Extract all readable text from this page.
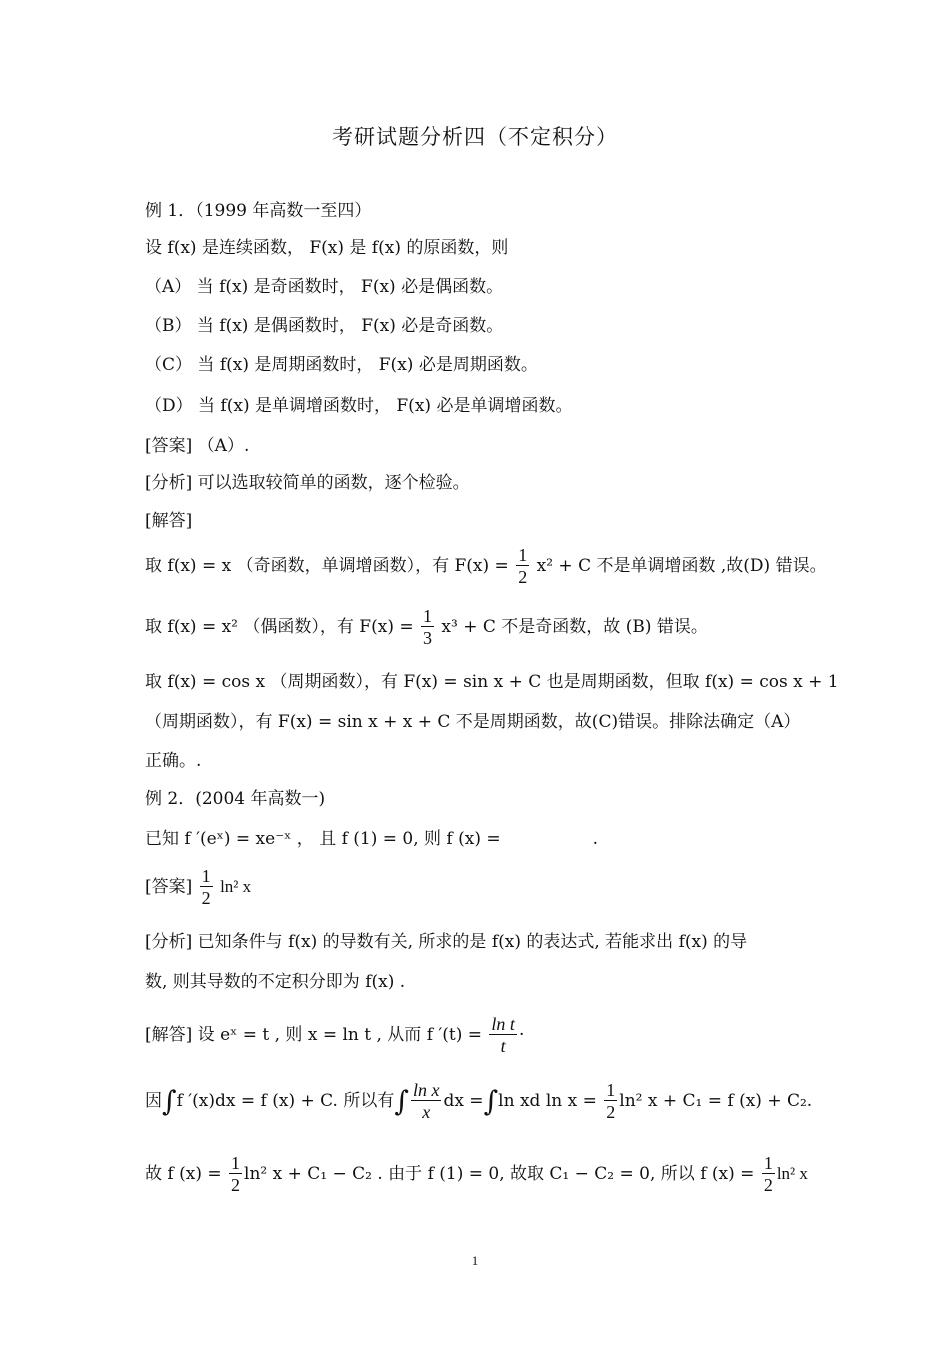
考研试题分析四（不定积分）
例 1．（1999 年高数一至四）
设 f(x) 是连续函数， F(x) 是 f(x) 的原函数，则
（A） 当 f(x) 是奇函数时， F(x) 必是偶函数。
（B） 当 f(x) 是偶函数时， F(x) 必是奇函数。
（C） 当 f(x) 是周期函数时， F(x) 必是周期函数。
（D） 当 f(x) 是单调增函数时， F(x) 必是单调增函数。
[答案] （A）.
[分析] 可以选取较简单的函数，逐个检验。
[解答]
取 f(x) = x （奇函数，单调增函数），有 $F(x) = \frac{1}{2} x^2 + C$ 不是单调增函数 ,故(D) 错误。
取 f(x) = x² （偶函数），有 $F(x) = \frac{1}{3} x^3 + C$ 不是奇函数，故 (B) 错误。
取 f(x) = cos x （周期函数），有 F(x) = sin x + C 也是周期函数，但取 f(x) = cos x + 1
（周期函数），有 F(x) = sin x + x + C 不是周期函数，故(C)错误。排除法确定（A）
正确。.
例 2．(2004 年高数一)
已知 f ′(eˣ) = xe⁻ˣ ， 且 f (1) = 0, 则 f (x) =	.
[答案] $\frac{1}{2} \ln^2$ x
[分析] 已知条件与 f(x) 的导数有关, 所求的是 f(x) 的表达式, 若能求出 f(x) 的导
数, 则其导数的不定积分即为 f(x) .
[解答] 设 eˣ = t , 则 x = ln t , 从而 f $'(t) = \frac{\text{ln t}}{t}$ ·
因∫f ′(x)dx = f (x) + C. 所以有∫ $\frac{\text{ln x}}{x}$ dx =∫ln xd $\ln x = \frac{1}{2} \ln^2$ x + C₁ = f (x) + C₂.
故 f $(x) = \frac{1}{2} \ln^2$ x + C₁ − C₂ . 由于 f (1) = 0, 故取 C₁ − C₂ = 0, 所以 f $(x) = \frac{1}{2} \ln^2$ x
1
